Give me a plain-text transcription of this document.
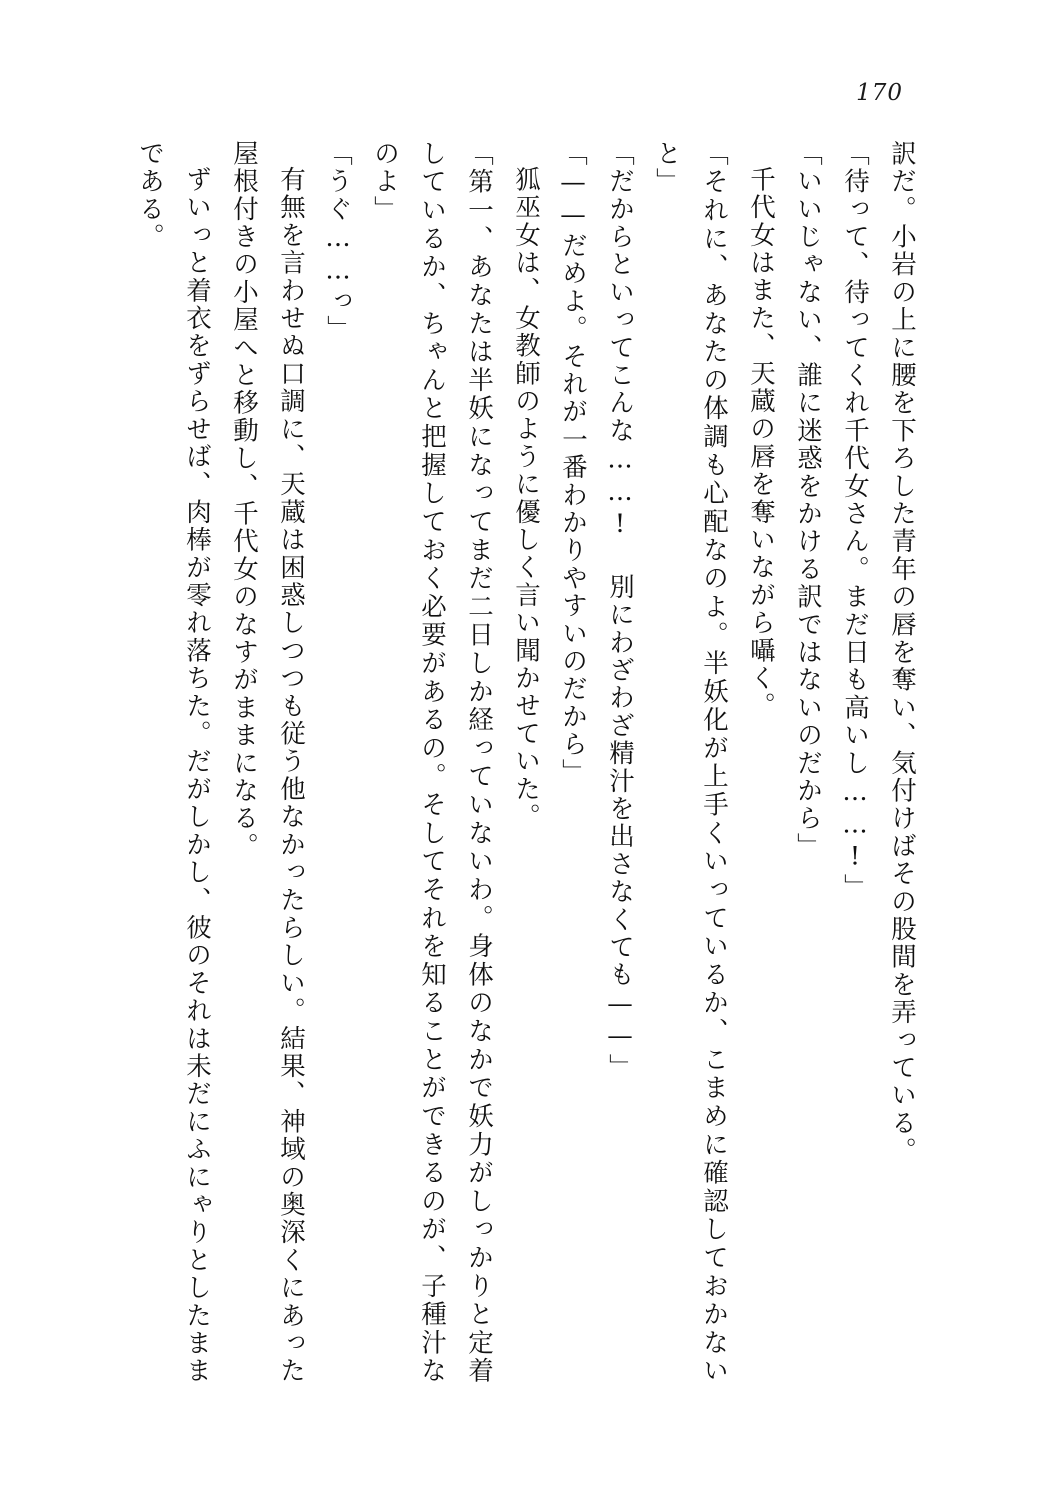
170

訳だ。小岩の上に腰を下ろした青年の唇を奪い、気付けばその股間を弄っている。

「待って、待ってくれ千代女さん。まだ日も高いし……!」

「いいじゃない、誰に迷惑をかける訳ではないのだから」

千代女はまた、天蔵の唇を奪いながら囁く。

「それに、あなたの体調も心配なのよ。半妖化が上手くいっているか、こまめに確認しておかないと」

「だからといってこんな……! 別にわざわざ精汁を出さなくても——」

「——だめよ。それが一番わかりやすいのだから」

狐巫女は、女教師のように優しく言い聞かせていた。

「第一、あなたは半妖になってまだ二日しか経っていないわ。身体のなかで妖力がしっかりと定着しているか、ちゃんと把握しておく必要があるの。そしてそれを知ることができるのが、子種汁なのよ」

「うぐ……っ」

有無を言わせぬ口調に、天蔵は困惑しつつも従う他なかったらしい。結果、神域の奥深くにあった屋根付きの小屋へと移動し、千代女のなすがままになる。

ずいっと着衣をずらせば、肉棒が零れ落ちた。だがしかし、彼のそれは未だにふにゃりとしたままである。
